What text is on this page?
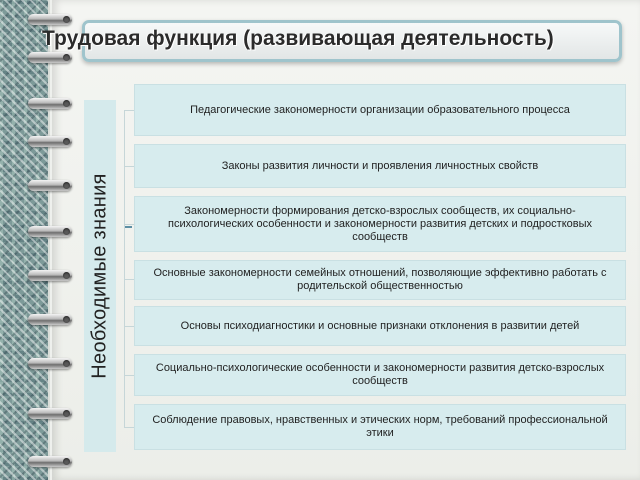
Трудовая функция (развивающая деятельность)
Необходимые знания
Педагогические закономерности организации образовательного процесса
Законы развития личности и проявления личностных свойств
Закономерности формирования детско-взрослых сообществ, их социально-психологических особенности и закономерности развития детских и подростковых сообществ
Основные закономерности семейных отношений, позволяющие эффективно работать с родительской общественностью
Основы психодиагностики и основные признаки отклонения в развитии детей
Социально-психологические особенности и закономерности развития детско-взрослых сообществ
Соблюдение правовых, нравственных и этических норм, требований профессиональной этики
